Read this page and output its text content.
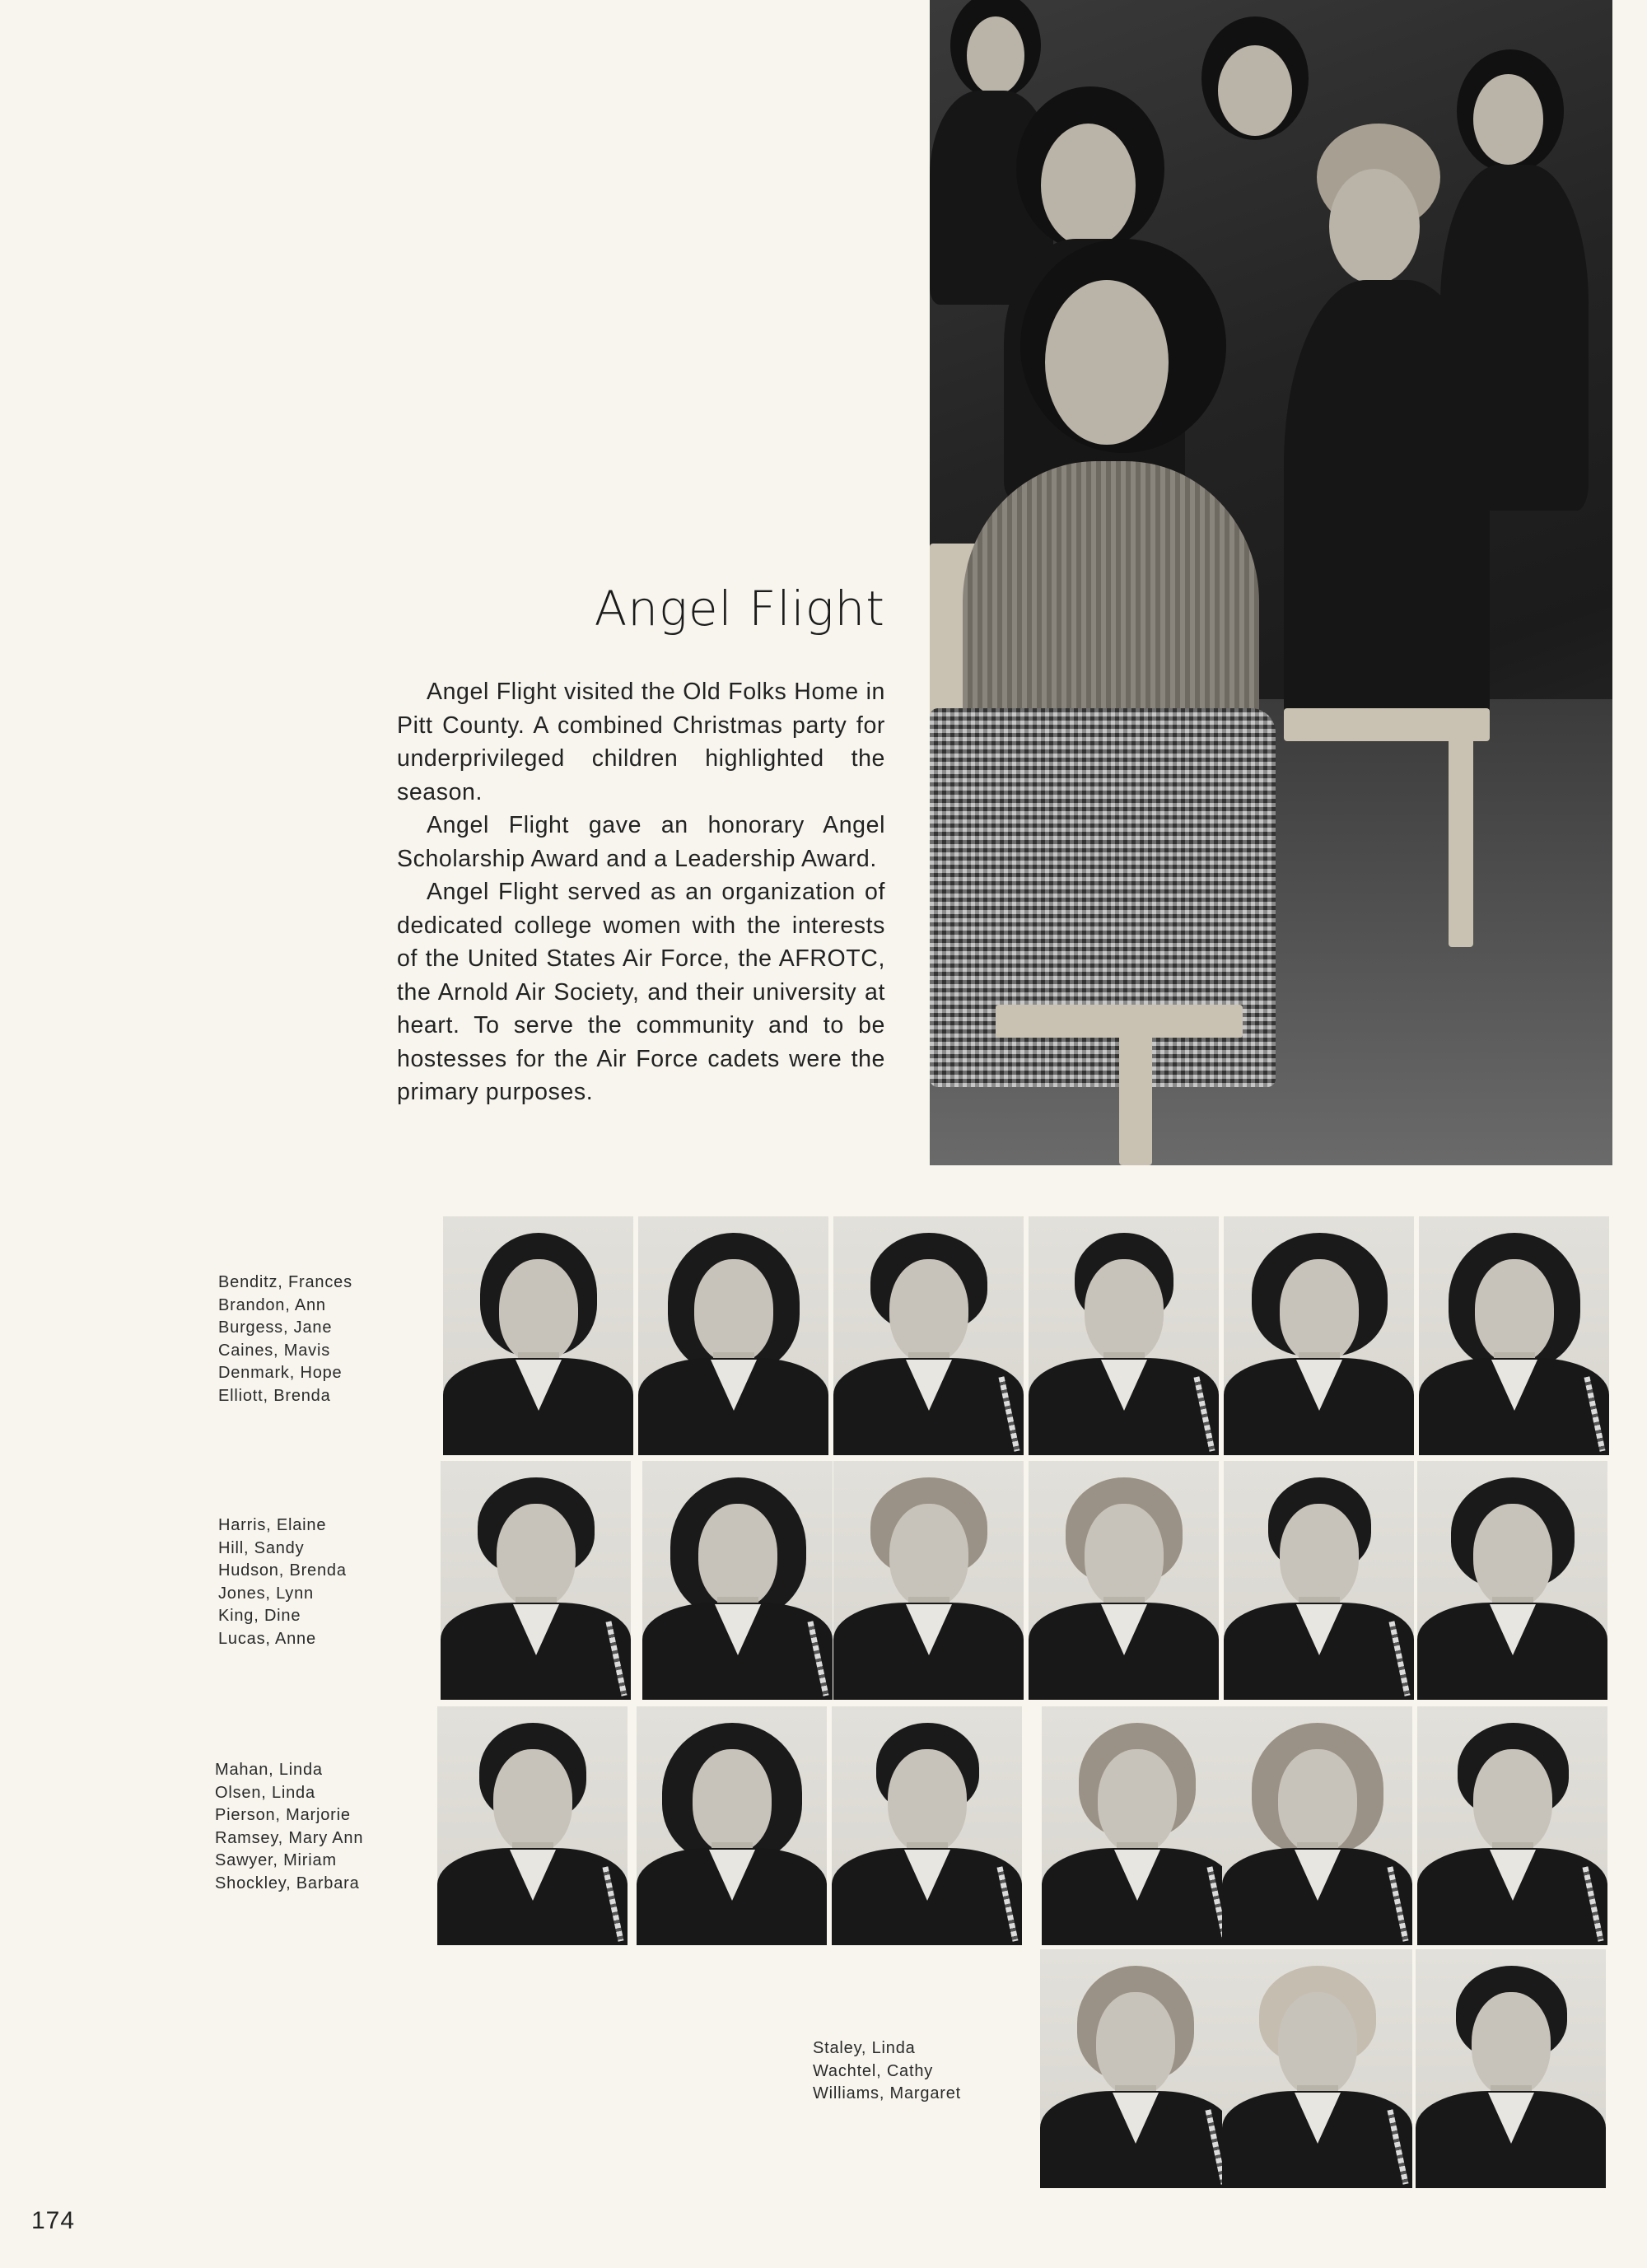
Angel Flight

Angel Flight visited the Old Folks Home in Pitt County. A combined Christmas party for underprivileged children highlighted the season.

Angel Flight gave an honorary Angel Scholarship Award and a Leadership Award.

Angel Flight served as an organization of dedicated college women with the interests of the United States Air Force, the AFROTC, the Arnold Air Society, and their university at heart. To serve the community and to be hostesses for the Air Force cadets were the primary purposes.

Benditz, Frances
Brandon, Ann
Burgess, Jane
Caines, Mavis
Denmark, Hope
Elliott, Brenda
Harris, Elaine
Hill, Sandy
Hudson, Brenda
Jones, Lynn
King, Dine
Lucas, Anne
Mahan, Linda
Olsen, Linda
Pierson, Marjorie
Ramsey, Mary Ann
Sawyer, Miriam
Shockley, Barbara
Staley, Linda
Wachtel, Cathy
Williams, Margaret
174
